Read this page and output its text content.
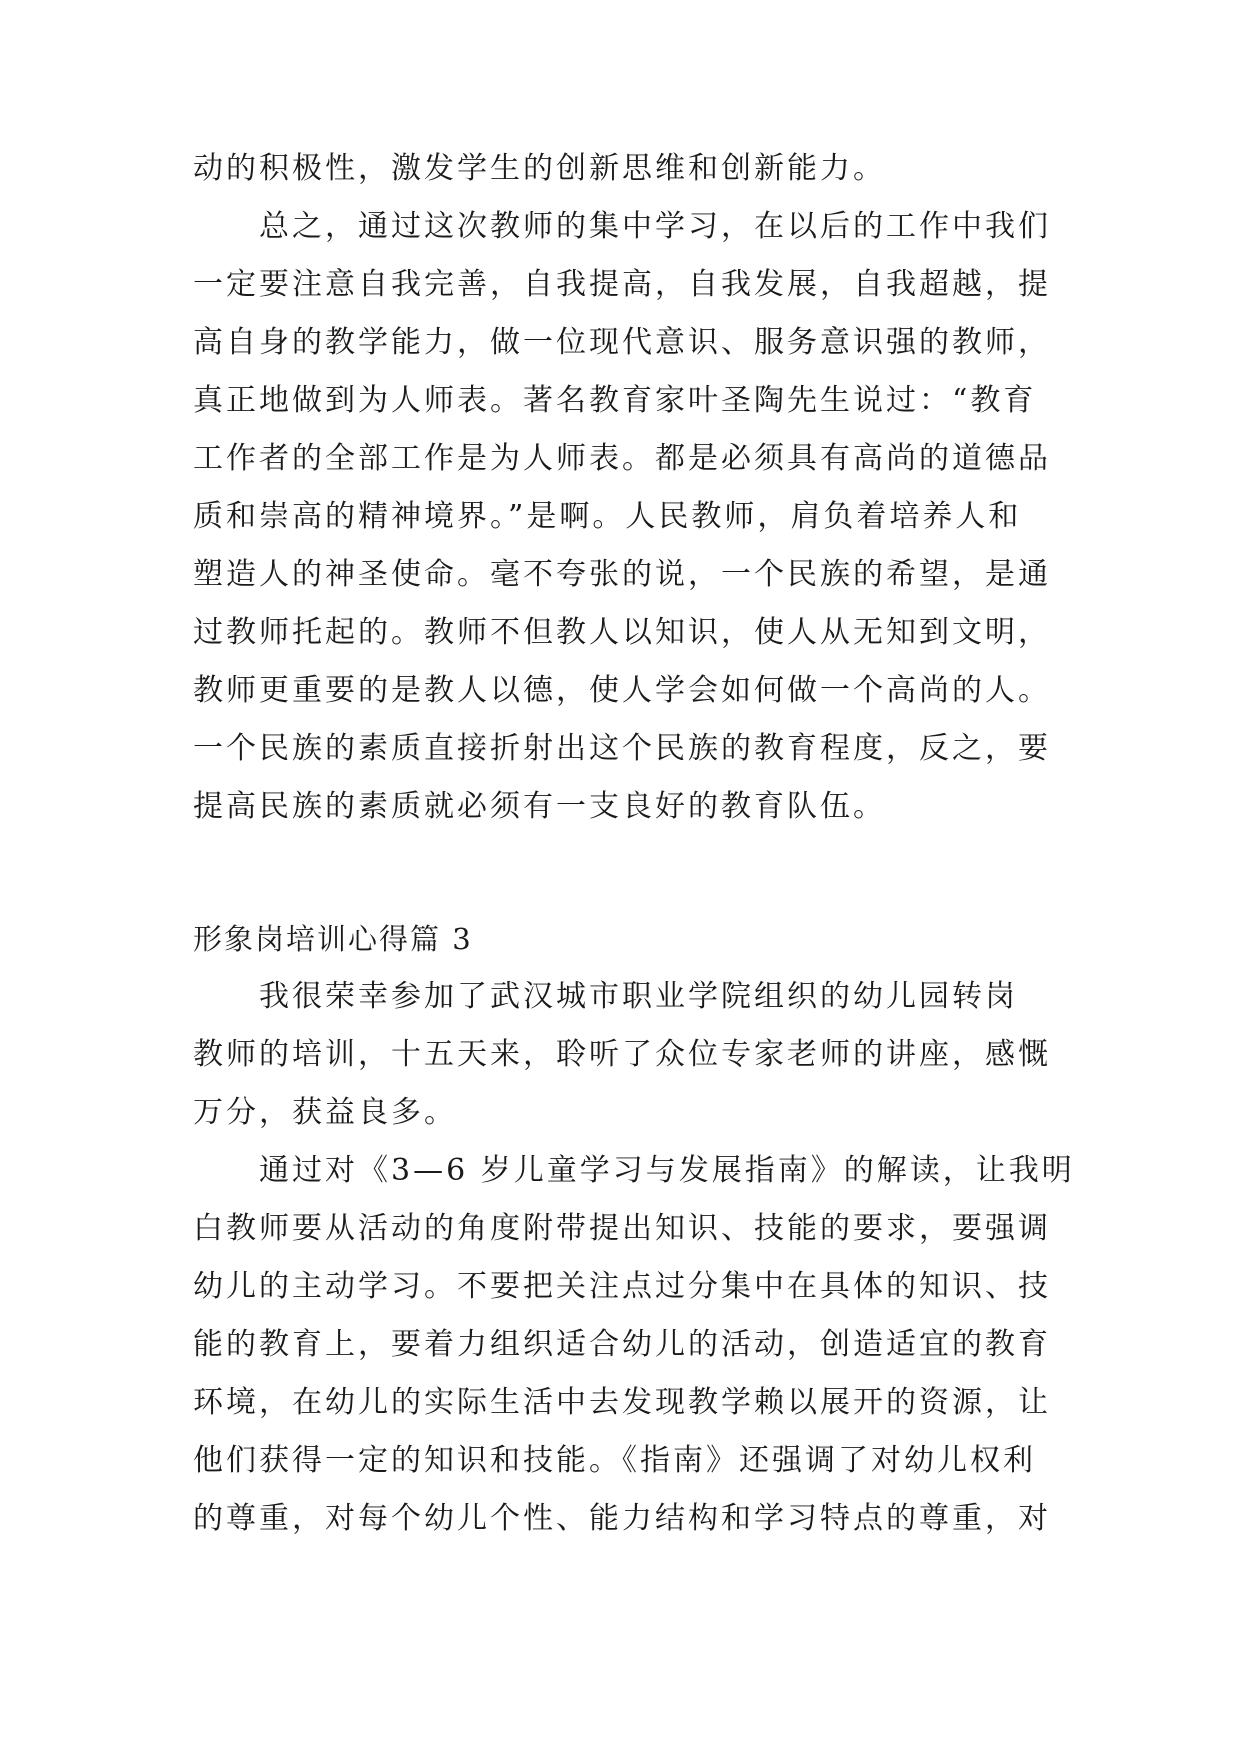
动的积极性，激发学生的创新思维和创新能力。
总之，通过这次教师的集中学习，在以后的工作中我们
一定要注意自我完善，自我提高，自我发展，自我超越，提
高自身的教学能力，做一位现代意识、服务意识强的教师，
真正地做到为人师表。著名教育家叶圣陶先生说过：“教育
工作者的全部工作是为人师表。都是必须具有高尚的道德品
质和崇高的精神境界。”是啊。人民教师，肩负着培养人和
塑造人的神圣使命。毫不夸张的说，一个民族的希望，是通
过教师托起的。教师不但教人以知识，使人从无知到文明，
教师更重要的是教人以德，使人学会如何做一个高尚的人。
一个民族的素质直接折射出这个民族的教育程度，反之，要
提高民族的素质就必须有一支良好的教育队伍。
形象岗培训心得篇 3
我很荣幸参加了武汉城市职业学院组织的幼儿园转岗
教师的培训，十五天来，聆听了众位专家老师的讲座，感慨
万分，获益良多。
通过对《3—6 岁儿童学习与发展指南》的解读，让我明
白教师要从活动的角度附带提出知识、技能的要求，要强调
幼儿的主动学习。不要把关注点过分集中在具体的知识、技
能的教育上，要着力组织适合幼儿的活动，创造适宜的教育
环境，在幼儿的实际生活中去发现教学赖以展开的资源，让
他们获得一定的知识和技能。《指南》还强调了对幼儿权利
的尊重，对每个幼儿个性、能力结构和学习特点的尊重，对
